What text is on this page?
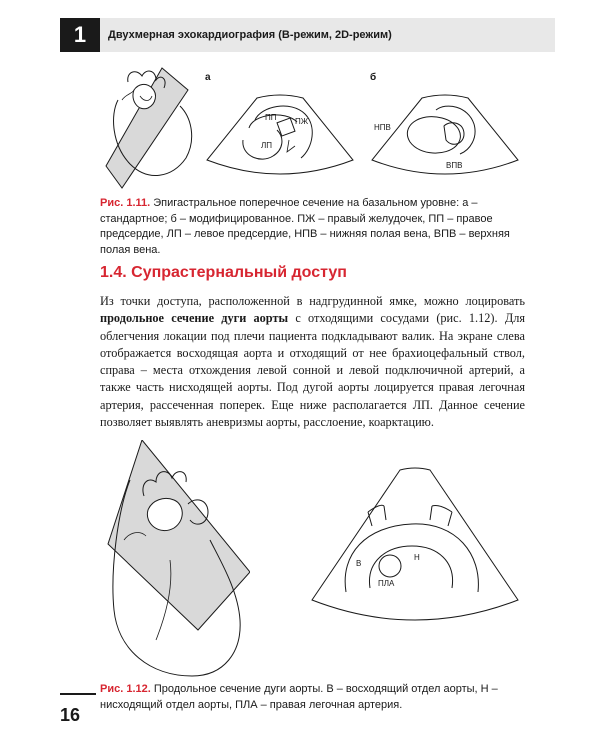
1	Двухмерная эхокардиография (В-режим, 2D-режим)
ПП ПЖ
ЛП
а
НПВ
ВПВ
б
Рис. 1.11. Эпигастральное поперечное сечение на базальном уровне: а – стандартное; б – модифицированное. ПЖ – правый желудочек, ПП – правое предсердие, ЛП – левое предсердие, НПВ – нижняя полая вена, ВПВ – верхняя полая вена.
1.4. Супрастернальный доступ

Из точки доступа, расположенной в надгрудинной ямке, можно лоцировать продольное сечение дуги аорты с отходящими сосудами (рис. 1.12). Для облегчения локации под плечи пациента подкладывают валик. На экране слева отображается восходящая аорта и отходящий от нее брахиоцефальный ствол, справа – места отхождения левой сонной и левой подключичной артерий, а также часть нисходящей аорты. Под дугой аорты лоцируется правая легочная артерия, рассеченная поперек. Еще ниже располагается ЛП. Данное сечение позволяет выявлять аневризмы аорты, расслоение, коарктацию.

В
Н
ПЛА
Рис. 1.12. Продольное сечение дуги аорты. В – восходящий отдел аорты, Н – нисходящий отдел аорты, ПЛА – правая легочная артерия.
16
